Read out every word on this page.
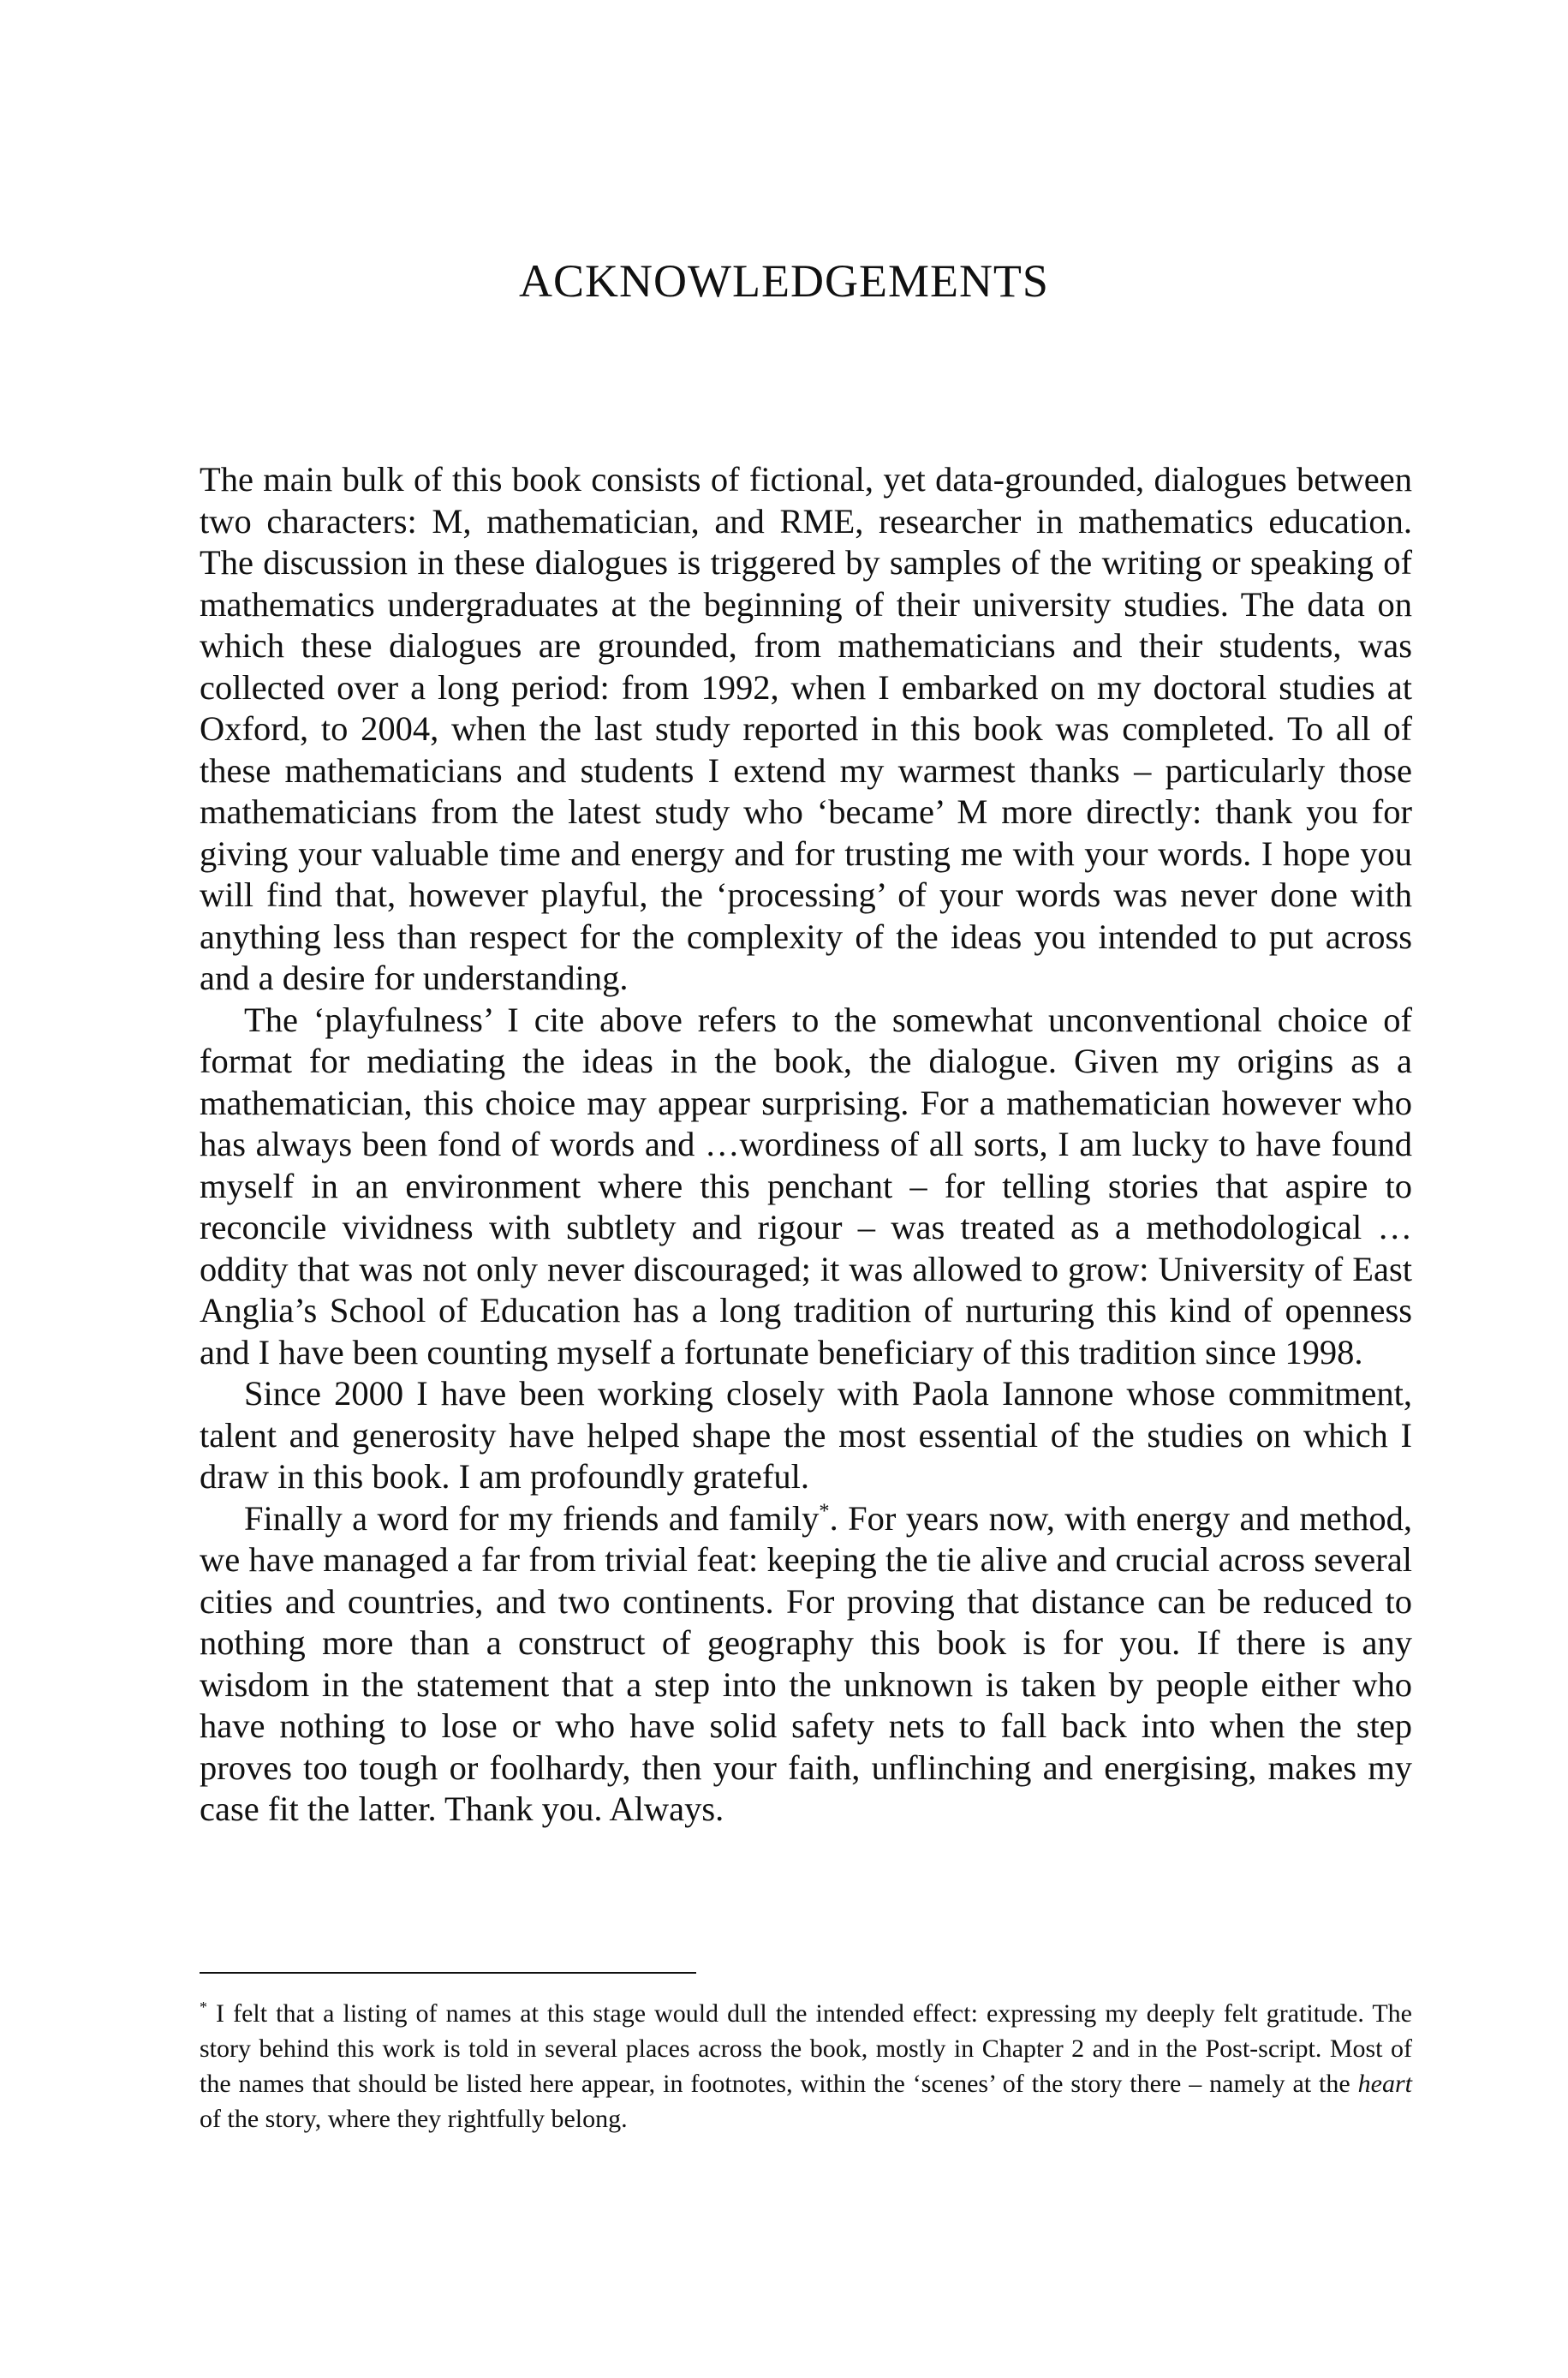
ACKNOWLEDGEMENTS

The main bulk of this book consists of fictional, yet data-grounded, dialogues between two characters: M, mathematician, and RME, researcher in mathematics education. The discussion in these dialogues is triggered by samples of the writing or speaking of mathematics undergraduates at the beginning of their university studies. The data on which these dialogues are grounded, from mathematicians and their students, was collected over a long period: from 1992, when I embarked on my doctoral studies at Oxford, to 2004, when the last study reported in this book was completed. To all of these mathematicians and students I extend my warmest thanks – particularly those mathematicians from the latest study who ‘became’ M more directly: thank you for giving your valuable time and energy and for trusting me with your words. I hope you will find that, however playful, the ‘processing’ of your words was never done with anything less than respect for the complexity of the ideas you intended to put across and a desire for understanding.

The ‘playfulness’ I cite above refers to the somewhat unconventional choice of format for mediating the ideas in the book, the dialogue. Given my origins as a mathematician, this choice may appear surprising. For a mathematician however who has always been fond of words and …wordiness of all sorts, I am lucky to have found myself in an environment where this penchant – for telling stories that aspire to reconcile vividness with subtlety and rigour – was treated as a methodological …oddity that was not only never discouraged; it was allowed to grow: University of East Anglia’s School of Education has a long tradition of nurturing this kind of openness and I have been counting myself a fortunate beneficiary of this tradition since 1998.

Since 2000 I have been working closely with Paola Iannone whose commitment, talent and generosity have helped shape the most essential of the studies on which I draw in this book. I am profoundly grateful.

Finally a word for my friends and family*. For years now, with energy and method, we have managed a far from trivial feat: keeping the tie alive and crucial across several cities and countries, and two continents. For proving that distance can be reduced to nothing more than a construct of geography this book is for you. If there is any wisdom in the statement that a step into the unknown is taken by people either who have nothing to lose or who have solid safety nets to fall back into when the step proves too tough or foolhardy, then your faith, unflinching and energising, makes my case fit the latter. Thank you. Always.

* I felt that a listing of names at this stage would dull the intended effect: expressing my deeply felt gratitude. The story behind this work is told in several places across the book, mostly in Chapter 2 and in the Post-script. Most of the names that should be listed here appear, in footnotes, within the ‘scenes’ of the story there – namely at the heart of the story, where they rightfully belong.
